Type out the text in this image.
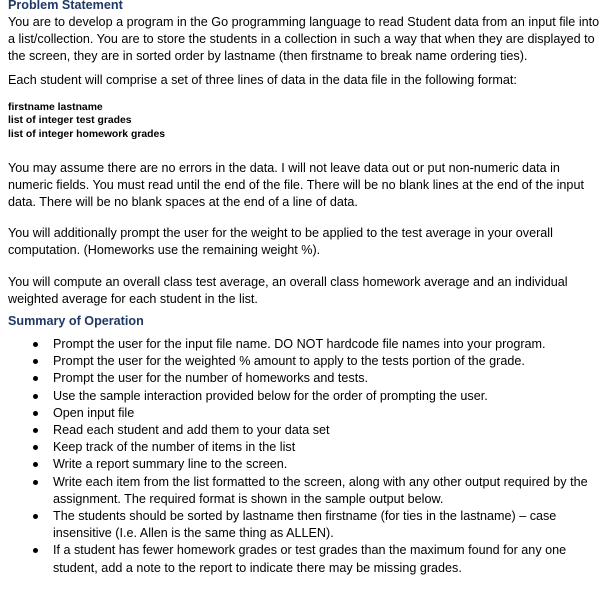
Problem Statement

You are to develop a program in the Go programming language to read Student data from an input file into a list/collection. You are to store the students in a collection in such a way that when they are displayed to the screen, they are in sorted order by lastname (then firstname to break name ordering ties).

Each student will comprise a set of three lines of data in the data file in the following format:

firstname lastname
list of integer test grades
list of integer homework grades

You may assume there are no errors in the data. I will not leave data out or put non-numeric data in numeric fields. You must read until the end of the file. There will be no blank lines at the end of the input data. There will be no blank spaces at the end of a line of data.

You will additionally prompt the user for the weight to be applied to the test average in your overall computation. (Homeworks use the remaining weight %).

You will compute an overall class test average, an overall class homework average and an individual weighted average for each student in the list.

Summary of Operation

Prompt the user for the input file name. DO NOT hardcode file names into your program.
Prompt the user for the weighted % amount to apply to the tests portion of the grade.
Prompt the user for the number of homeworks and tests.
Use the sample interaction provided below for the order of prompting the user.
Open input file
Read each student and add them to your data set
Keep track of the number of items in the list
Write a report summary line to the screen.
Write each item from the list formatted to the screen, along with any other output required by the assignment. The required format is shown in the sample output below.
The students should be sorted by lastname then firstname (for ties in the lastname) – case insensitive (I.e. Allen is the same thing as ALLEN).
If a student has fewer homework grades or test grades than the maximum found for any one student, add a note to the report to indicate there may be missing grades.
